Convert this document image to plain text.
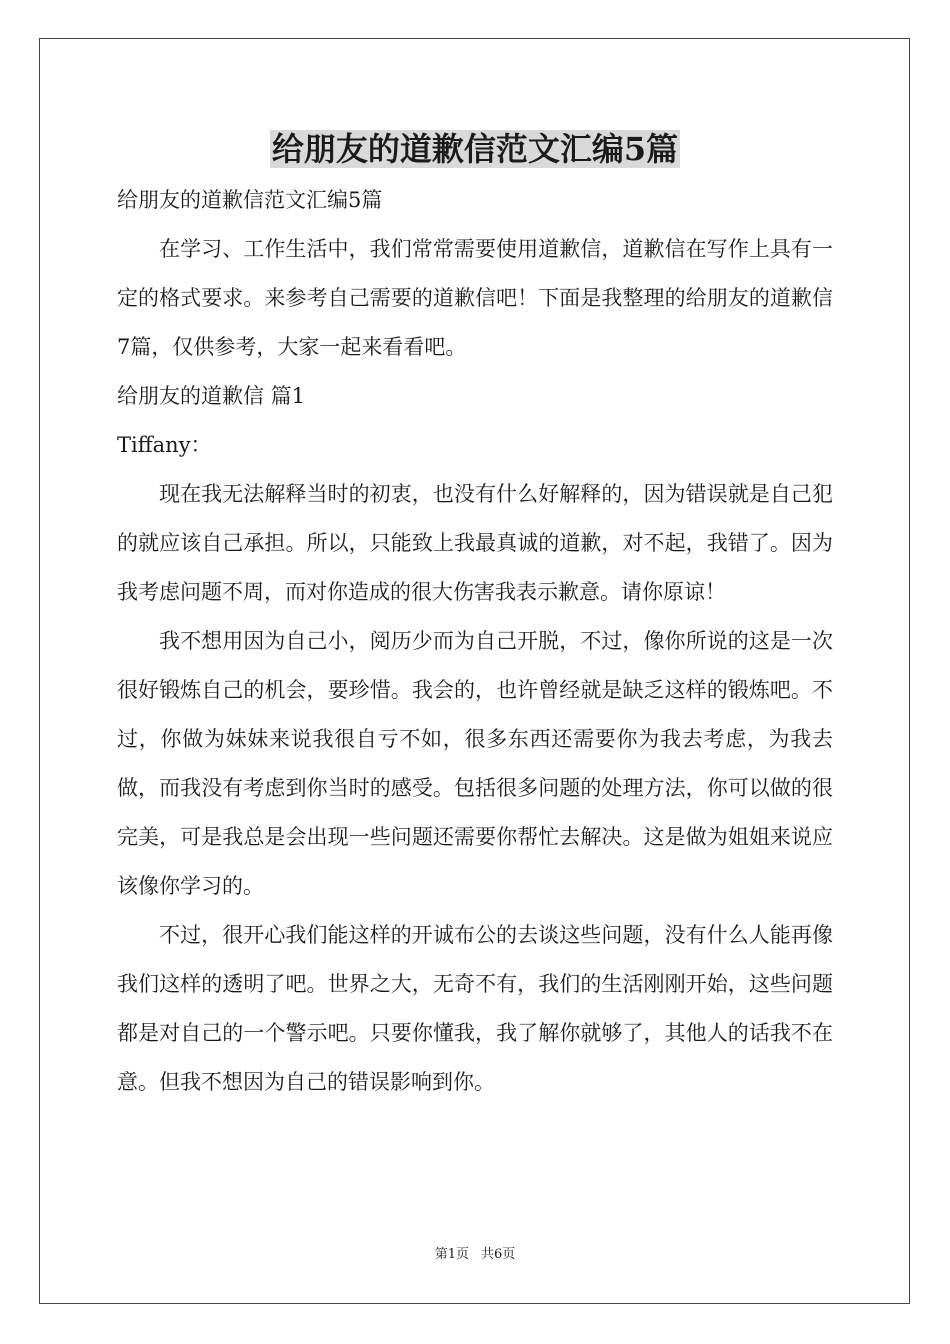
给朋友的道歉信范文汇编5篇

给朋友的道歉信范文汇编5篇

在学习、工作生活中，我们常常需要使用道歉信，道歉信在写作上具有一定的格式要求。来参考自己需要的道歉信吧！下面是我整理的给朋友的道歉信7篇，仅供参考，大家一起来看看吧。

给朋友的道歉信 篇1

Tiffany：

现在我无法解释当时的初衷，也没有什么好解释的，因为错误就是自己犯的就应该自己承担。所以，只能致上我最真诚的道歉，对不起，我错了。因为我考虑问题不周，而对你造成的很大伤害我表示歉意。请你原谅！

我不想用因为自己小，阅历少而为自己开脱，不过，像你所说的这是一次很好锻炼自己的机会，要珍惜。我会的，也许曾经就是缺乏这样的锻炼吧。不过，你做为妹妹来说我很自亏不如，很多东西还需要你为我去考虑，为我去做，而我没有考虑到你当时的感受。包括很多问题的处理方法，你可以做的很完美，可是我总是会出现一些问题还需要你帮忙去解决。这是做为姐姐来说应该像你学习的。

不过，很开心我们能这样的开诚布公的去谈这些问题，没有什么人能再像我们这样的透明了吧。世界之大，无奇不有，我们的生活刚刚开始，这些问题都是对自己的一个警示吧。只要你懂我，我了解你就够了，其他人的话我不在意。但我不想因为自己的错误影响到你。

第1页 共6页
